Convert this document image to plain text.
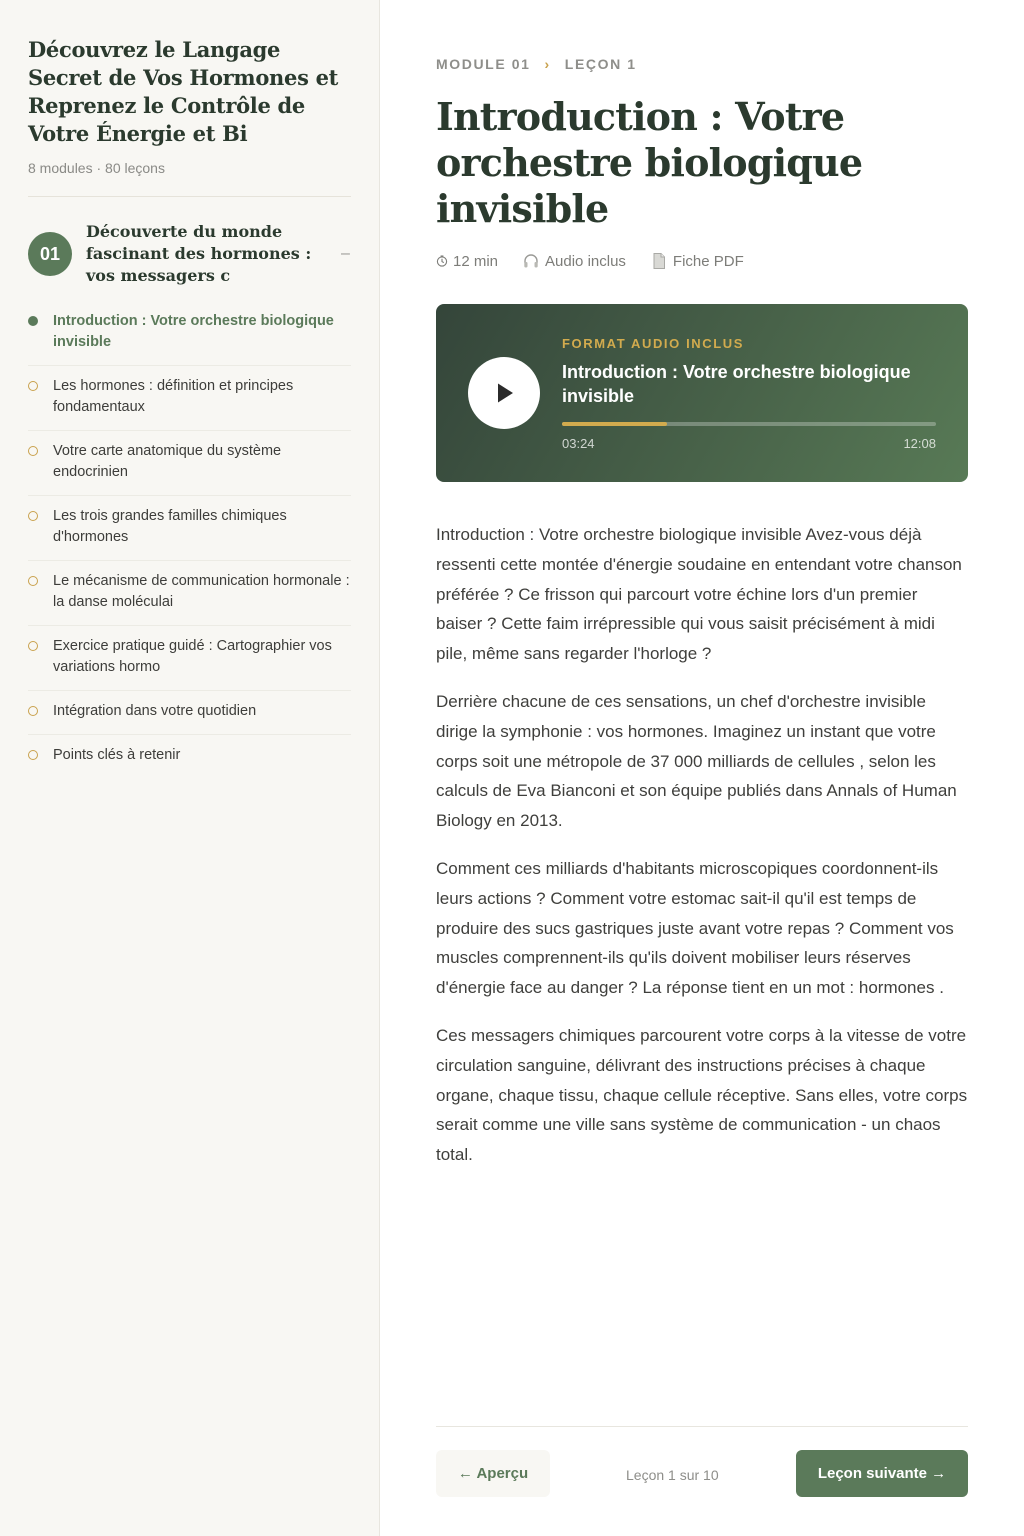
Découvrez le Langage Secret de Vos Hormones et Reprenez le Contrôle de Votre Énergie et Bi
8 modules · 80 leçons
01
Découverte du monde fascinant des hormones : vos messagers c
–
Introduction : Votre orchestre biologique invisible
Les hormones : définition et principes fondamentaux
Votre carte anatomique du système endocrinien
Les trois grandes familles chimiques d'hormones
Le mécanisme de communication hormonale : la danse moléculai
Exercice pratique guidé : Cartographier vos variations hormo
Intégration dans votre quotidien
Points clés à retenir
MODULE 01 › LEÇON 1
Introduction : Votre orchestre biologique invisible
12 min	Audio inclus	Fiche PDF
FORMAT AUDIO INCLUS
Introduction : Votre orchestre biologique invisible
03:24	12:08

Introduction : Votre orchestre biologique invisible Avez-vous déjà ressenti cette montée d'énergie soudaine en entendant votre chanson préférée ? Ce frisson qui parcourt votre échine lors d'un premier baiser ? Cette faim irrépressible qui vous saisit précisément à midi pile, même sans regarder l'horloge ?

Derrière chacune de ces sensations, un chef d'orchestre invisible dirige la symphonie : vos hormones. Imaginez un instant que votre corps soit une métropole de 37 000 milliards de cellules , selon les calculs de Eva Bianconi et son équipe publiés dans Annals of Human Biology en 2013.

Comment ces milliards d'habitants microscopiques coordonnent-ils leurs actions ? Comment votre estomac sait-il qu'il est temps de produire des sucs gastriques juste avant votre repas ? Comment vos muscles comprennent-ils qu'ils doivent mobiliser leurs réserves d'énergie face au danger ? La réponse tient en un mot : hormones .

Ces messagers chimiques parcourent votre corps à la vitesse de votre circulation sanguine, délivrant des instructions précises à chaque organe, chaque tissu, chaque cellule réceptive. Sans elles, votre corps serait comme une ville sans système de communication - un chaos total.

← Aperçu	Leçon 1 sur 10	Leçon suivante →
